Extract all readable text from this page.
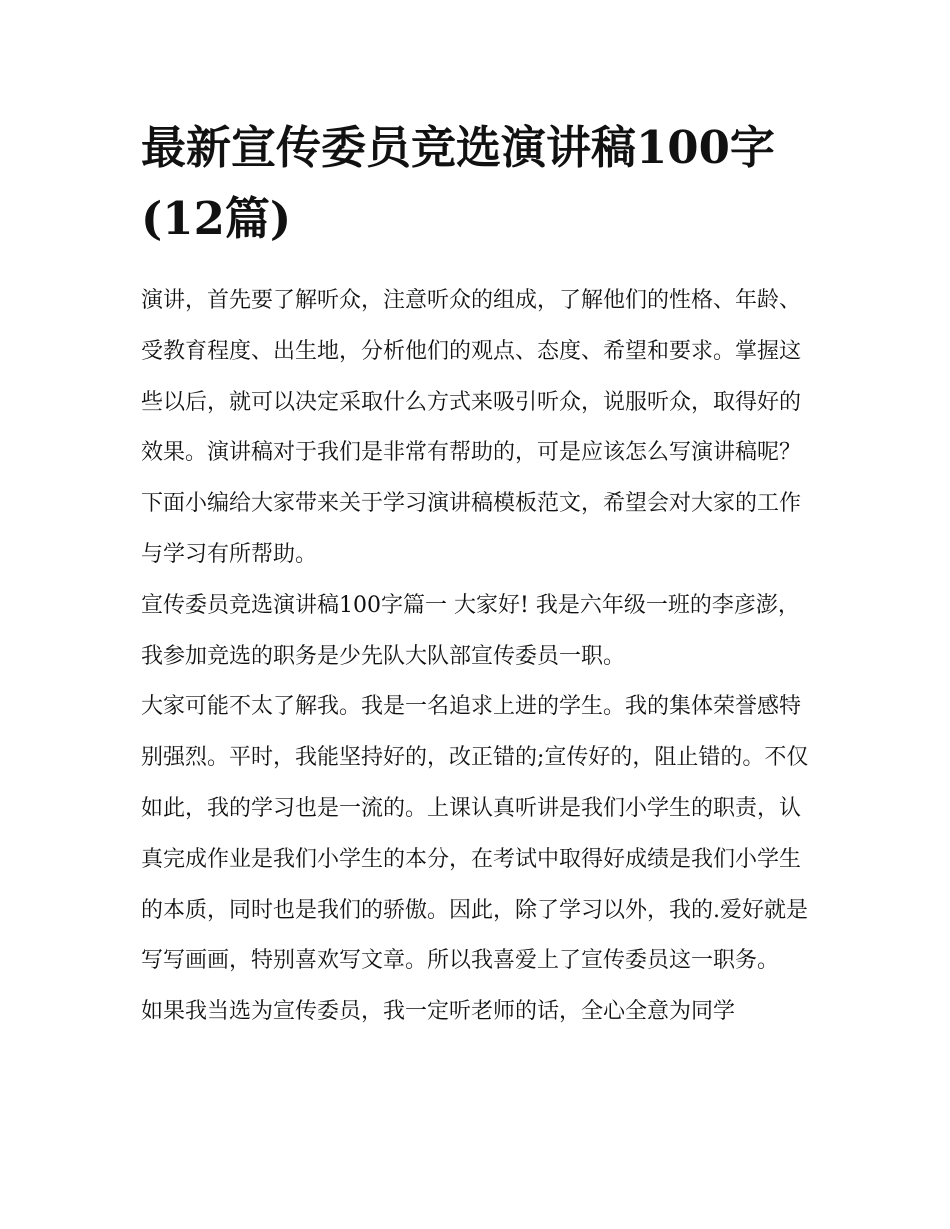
最新宣传委员竞选演讲稿100字(12篇)

演讲，首先要了解听众，注意听众的组成，了解他们的性格、年龄、受教育程度、出生地，分析他们的观点、态度、希望和要求。掌握这些以后，就可以决定采取什么方式来吸引听众，说服听众，取得好的效果。演讲稿对于我们是非常有帮助的，可是应该怎么写演讲稿呢？下面小编给大家带来关于学习演讲稿模板范文，希望会对大家的工作与学习有所帮助。

宣传委员竞选演讲稿100字篇一 大家好! 我是六年级一班的李彦澎，我参加竞选的职务是少先队大队部宣传委员一职。

大家可能不太了解我。我是一名追求上进的学生。我的集体荣誉感特别强烈。平时，我能坚持好的，改正错的;宣传好的，阻止错的。不仅如此，我的学习也是一流的。上课认真听讲是我们小学生的职责，认真完成作业是我们小学生的本分，在考试中取得好成绩是我们小学生的本质，同时也是我们的骄傲。因此，除了学习以外，我的.爱好就是写写画画，特别喜欢写文章。所以我喜爱上了宣传委员这一职务。

如果我当选为宣传委员，我一定听老师的话，全心全意为同学
